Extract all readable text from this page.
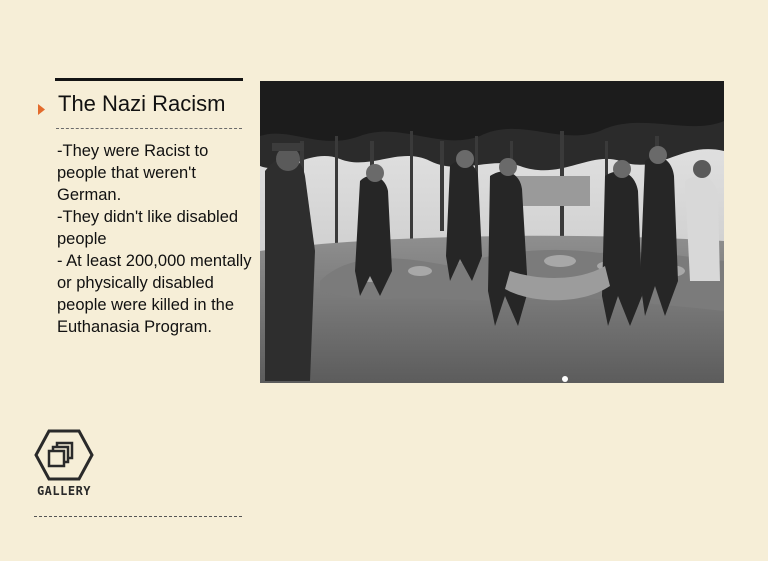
The Nazi Racism
-They were Racist to people that weren't German.
-They didn't like disabled people
- At least 200,000 mentally or physically disabled people were killed in the Euthanasia Program.
GALLERY
